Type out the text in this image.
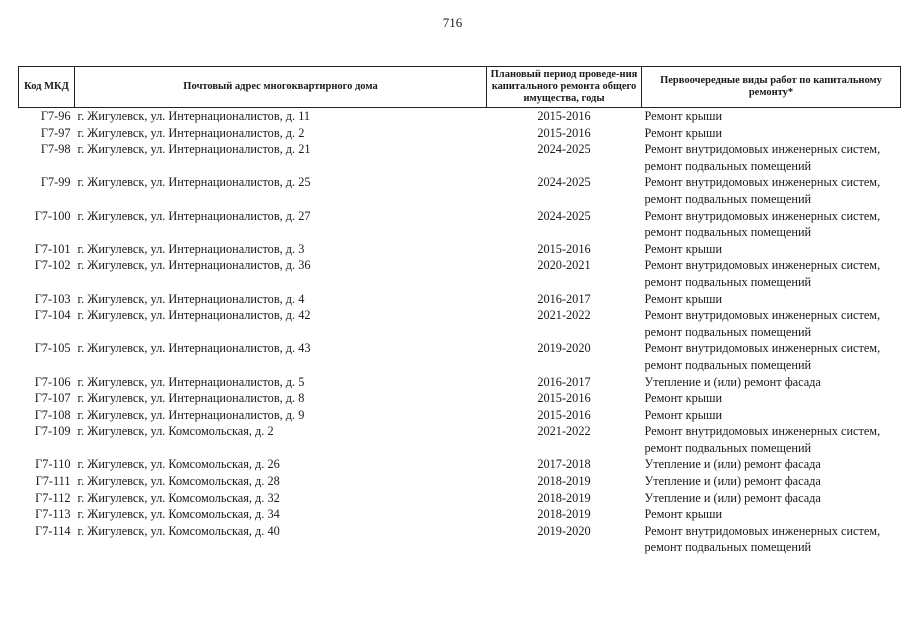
716
Код МКД	Почтовый адрес многоквартирного дома	Плановый период проведе-ния капитального ремонта общего имущества, годы	Первоочередные виды работ по капитальному ремонту*
Г7-96	г. Жигулевск, ул. Интернационалистов, д. 11	2015-2016	Ремонт крыши

Г7-97	г. Жигулевск, ул. Интернационалистов, д. 2	2015-2016	Ремонт крыши

Г7-98	г. Жигулевск, ул. Интернационалистов, д. 21	2024-2025	Ремонт внутридомовых инженерных систем,
ремонт подвальных помещений

Г7-99	г. Жигулевск, ул. Интернационалистов, д. 25	2024-2025	Ремонт внутридомовых инженерных систем,
ремонт подвальных помещений

Г7-100	г. Жигулевск, ул. Интернационалистов, д. 27	2024-2025	Ремонт внутридомовых инженерных систем,
ремонт подвальных помещений

Г7-101	г. Жигулевск, ул. Интернационалистов, д. 3	2015-2016	Ремонт крыши

Г7-102	г. Жигулевск, ул. Интернационалистов, д. 36	2020-2021	Ремонт внутридомовых инженерных систем,
ремонт подвальных помещений

Г7-103	г. Жигулевск, ул. Интернационалистов, д. 4	2016-2017	Ремонт крыши

Г7-104	г. Жигулевск, ул. Интернационалистов, д. 42	2021-2022	Ремонт внутридомовых инженерных систем,
ремонт подвальных помещений

Г7-105	г. Жигулевск, ул. Интернационалистов, д. 43	2019-2020	Ремонт внутридомовых инженерных систем,
ремонт подвальных помещений

Г7-106	г. Жигулевск, ул. Интернационалистов, д. 5	2016-2017	Утепление и (или) ремонт фасада

Г7-107	г. Жигулевск, ул. Интернационалистов, д. 8	2015-2016	Ремонт крыши

Г7-108	г. Жигулевск, ул. Интернационалистов, д. 9	2015-2016	Ремонт крыши

Г7-109	г. Жигулевск, ул. Комсомольская, д. 2	2021-2022	Ремонт внутридомовых инженерных систем,
ремонт подвальных помещений

Г7-110	г. Жигулевск, ул. Комсомольская, д. 26	2017-2018	Утепление и (или) ремонт фасада

Г7-111	г. Жигулевск, ул. Комсомольская, д. 28	2018-2019	Утепление и (или) ремонт фасада

Г7-112	г. Жигулевск, ул. Комсомольская, д. 32	2018-2019	Утепление и (или) ремонт фасада

Г7-113	г. Жигулевск, ул. Комсомольская, д. 34	2018-2019	Ремонт крыши

Г7-114	г. Жигулевск, ул. Комсомольская, д. 40	2019-2020	Ремонт внутридомовых инженерных систем,
ремонт подвальных помещений
